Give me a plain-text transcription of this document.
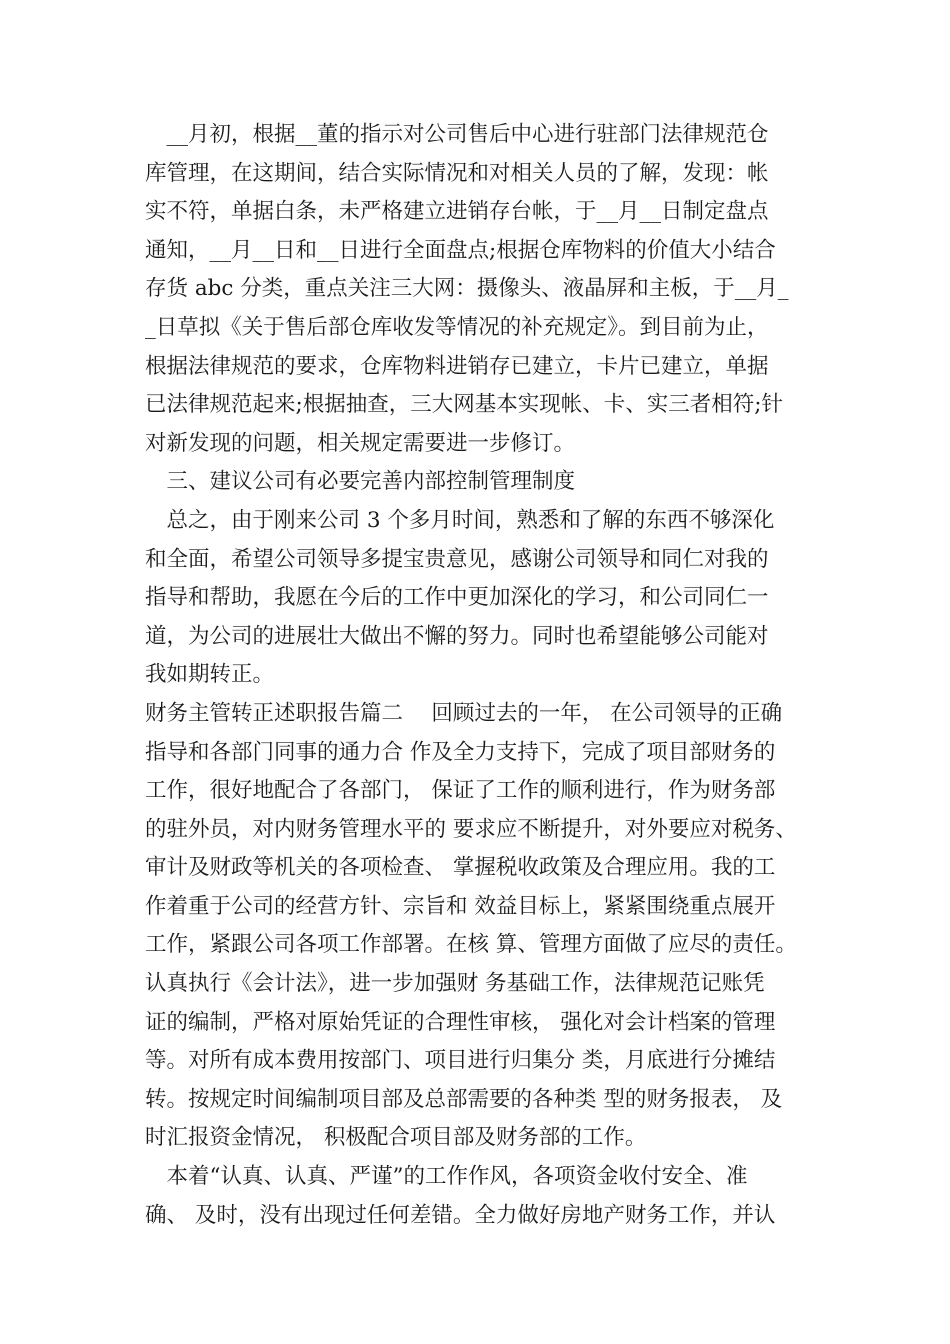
　__月初，根据__董的指示对公司售后中心进行驻部门法律规范仓
库管理，在这期间，结合实际情况和对相关人员的了解，发现：帐
实不符，单据白条，未严格建立进销存台帐，于__月__日制定盘点
通知，__月__日和__日进行全面盘点;根据仓库物料的价值大小结合
存货 abc 分类，重点关注三大网：摄像头、液晶屏和主板，于__月_
_日草拟《关于售后部仓库收发等情况的补充规定》。到目前为止，
根据法律规范的要求，仓库物料进销存已建立，卡片已建立，单据
已法律规范起来;根据抽查，三大网基本实现帐、卡、实三者相符;针
对新发现的问题，相关规定需要进一步修订。
　三、建议公司有必要完善内部控制管理制度
　总之，由于刚来公司 3 个多月时间，熟悉和了解的东西不够深化
和全面，希望公司领导多提宝贵意见，感谢公司领导和同仁对我的
指导和帮助，我愿在今后的工作中更加深化的学习，和公司同仁一
道，为公司的进展壮大做出不懈的努力。同时也希望能够公司能对
我如期转正。
财务主管转正述职报告篇二　 回顾过去的一年， 在公司领导的正确
指导和各部门同事的通力合 作及全力支持下，完成了项目部财务的
工作，很好地配合了各部门， 保证了工作的顺利进行，作为财务部
的驻外员，对内财务管理水平的 要求应不断提升，对外要应对税务、
审计及财政等机关的各项检查、 掌握税收政策及合理应用。我的工
作着重于公司的经营方针、宗旨和 效益目标上，紧紧围绕重点展开
工作，紧跟公司各项工作部署。在核 算、管理方面做了应尽的责任。
认真执行《会计法》，进一步加强财 务基础工作，法律规范记账凭
证的编制，严格对原始凭证的合理性审核， 强化对会计档案的管理
等。对所有成本费用按部门、项目进行归集分 类，月底进行分摊结
转。按规定时间编制项目部及总部需要的各种类 型的财务报表， 及
时汇报资金情况， 积极配合项目部及财务部的工作。
　本着“认真、认真、严谨”的工作作风，各项资金收付安全、准
确、 及时，没有出现过任何差错。全力做好房地产财务工作，并认
